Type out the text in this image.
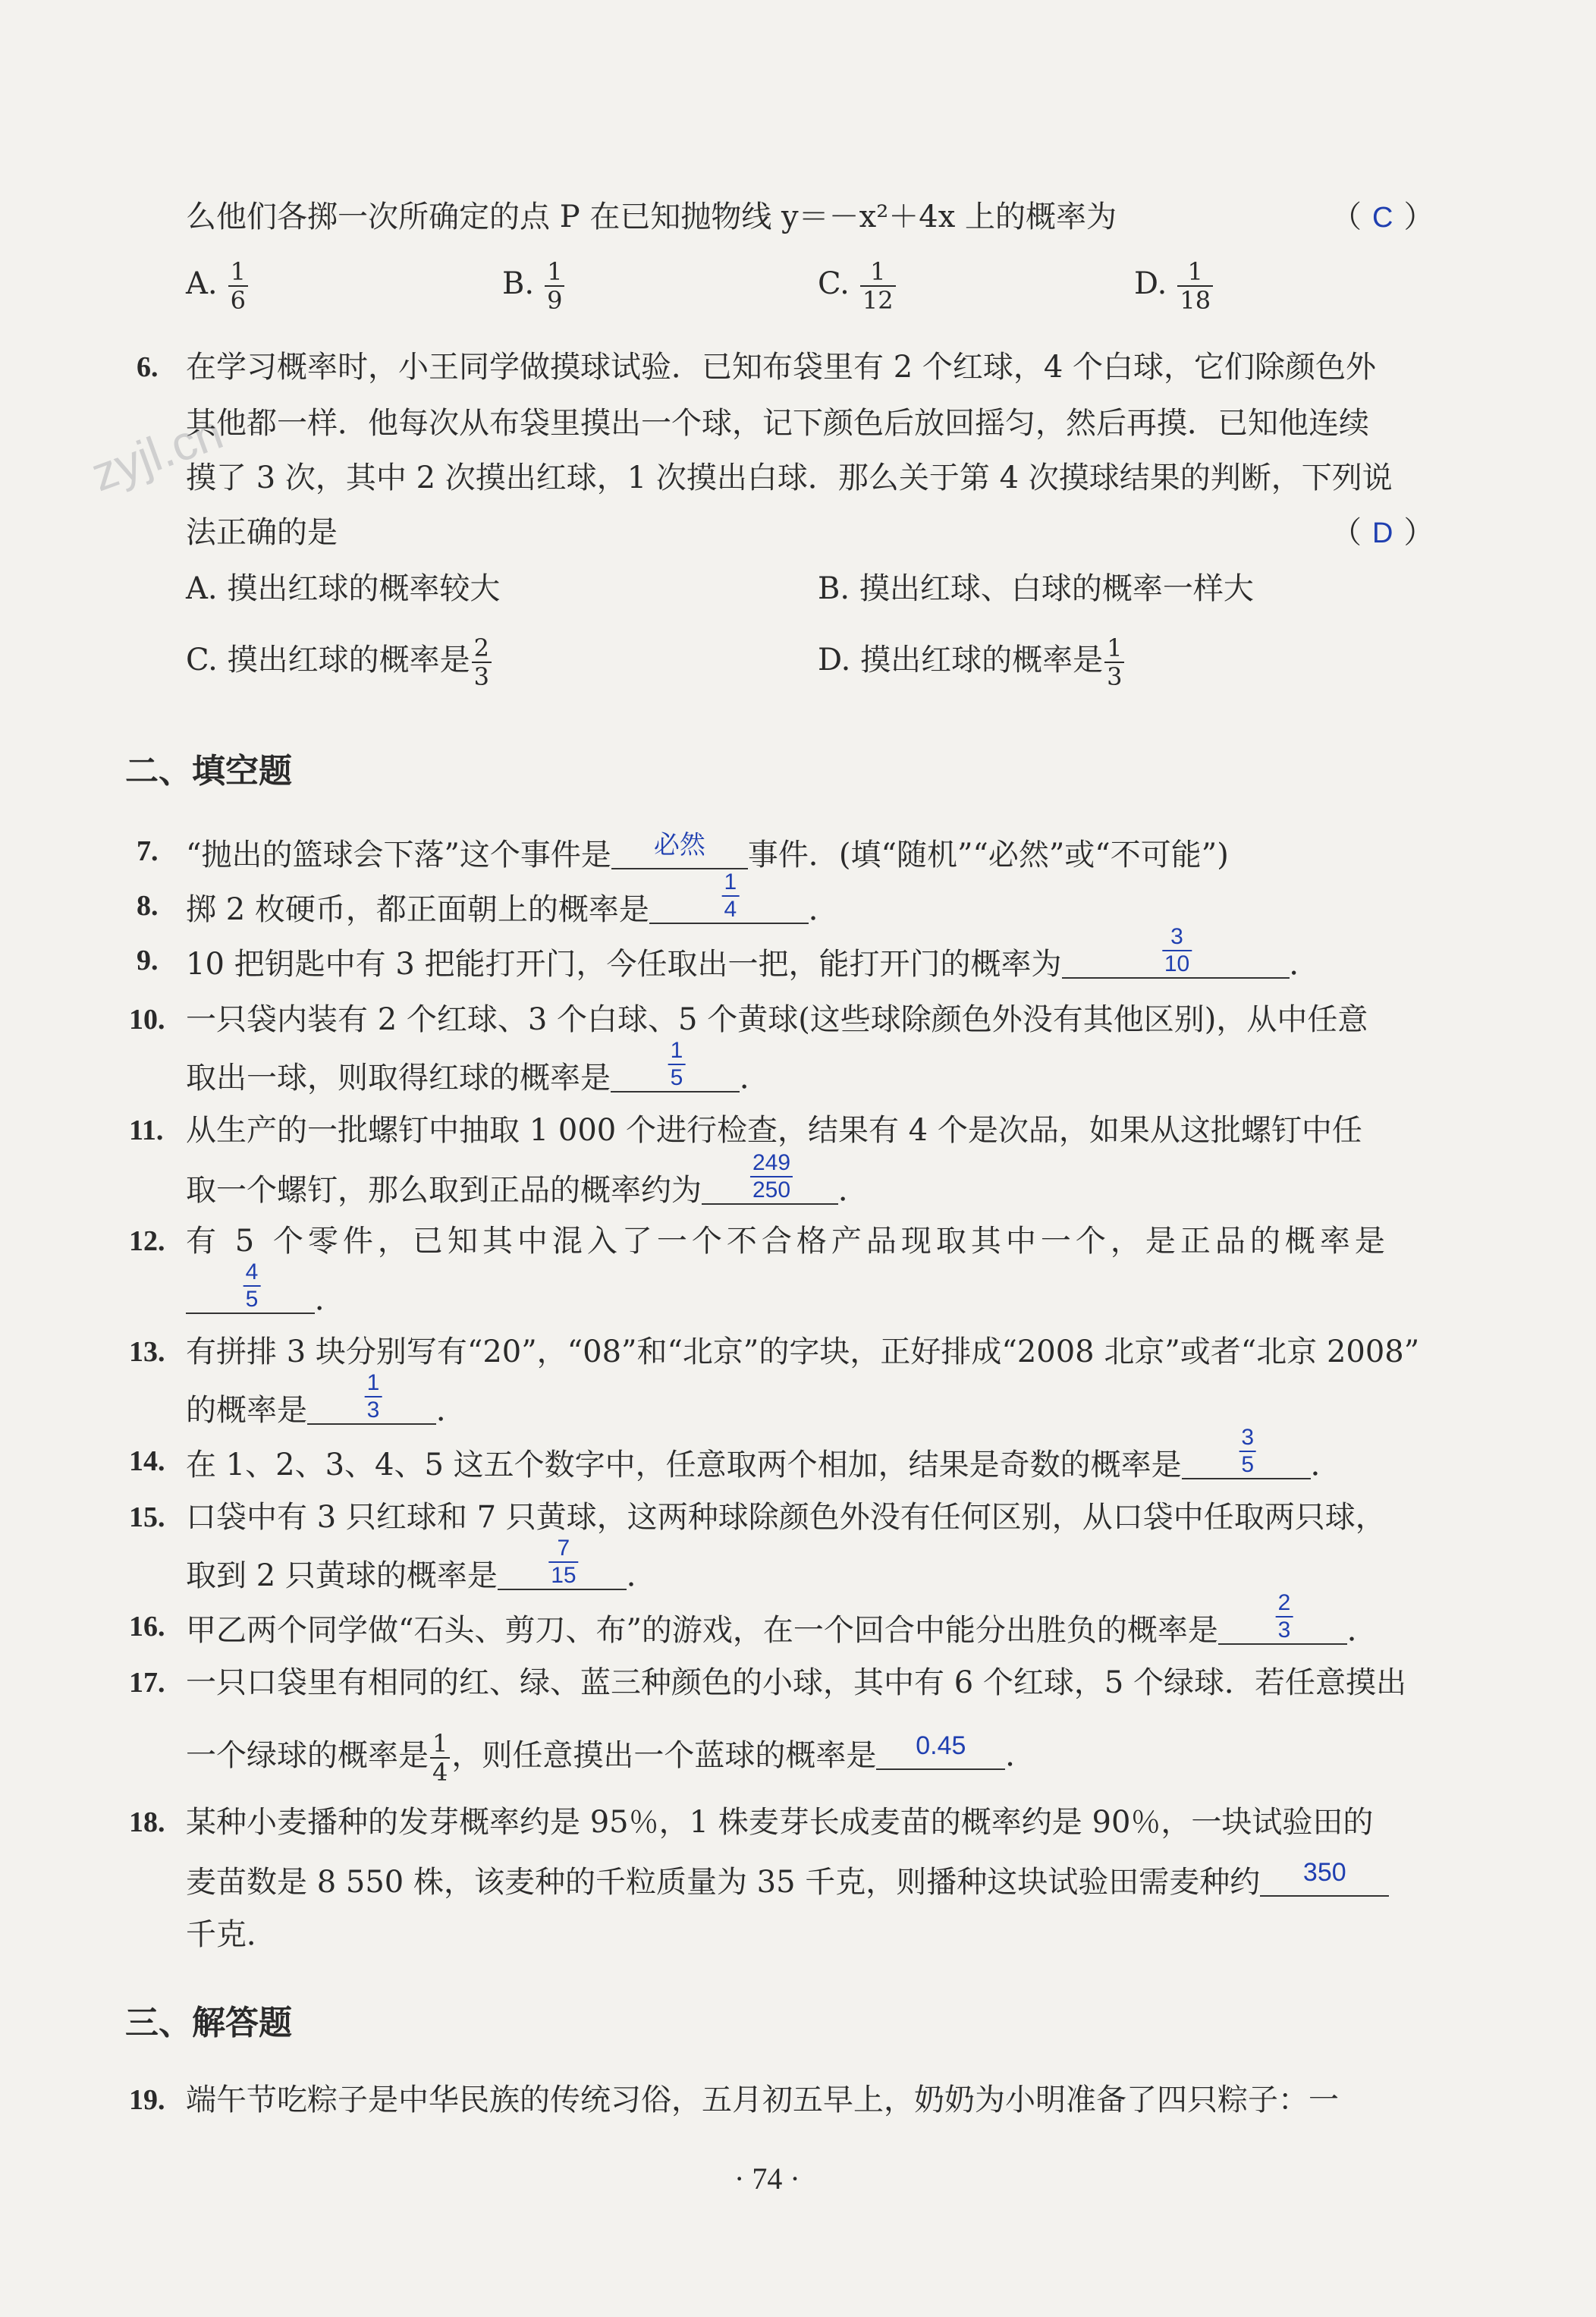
zyjl.cn
么他们各掷一次所确定的点 P 在已知抛物线 y＝－x²＋4x 上的概率为	（ C ）
A. $\frac{1}{6}$	B. $\frac{1}{9}$	C. $\frac{1}{12}$	D. $\frac{1}{18}$
6. 在学习概率时，小王同学做摸球试验．已知布袋里有 2 个红球，4 个白球，它们除颜色外
其他都一样．他每次从布袋里摸出一个球，记下颜色后放回摇匀，然后再摸．已知他连续
摸了 3 次，其中 2 次摸出红球，1 次摸出白球．那么关于第 4 次摸球结果的判断，下列说
法正确的是	（ D ）
A. 摸出红球的概率较大	B. 摸出红球、白球的概率一样大
C. 摸出红球的概率是 $\frac{2}{3}$	D. 摸出红球的概率是 $\frac{1}{3}$
二、填空题
7. “抛出的篮球会下落”这个事件是	必然	事件．(填“随机”“必然”或“不可能”)
8. 掷 2 枚硬币，都正面朝上的概率是	$\frac{1}{4}$ ．
9. 10 把钥匙中有 3 把能打开门，今任取出一把，能打开门的概率为	$\frac{3}{10}$	．
10. 一只袋内装有 2 个红球、3 个白球、5 个黄球(这些球除颜色外没有其他区别)，从中任意
取出一球，则取得红球的概率是	$\frac{1}{5}$ ．
11. 从生产的一批螺钉中抽取 1 000 个进行检查，结果有 4 个是次品，如果从这批螺钉中任
取一个螺钉，那么取到正品的概率约为 $\frac{249}{250}$ ．
12. 有 5 个零件，已知其中混入了一个不合格产品现取其中一个，是正品的概率是
$\frac{4}{5}$ ．
13. 有拼排 3 块分别写有“20”，“08”和“北京”的字块，正好排成“2008 北京”或者“北京 2008”
的概率是	$\frac{1}{3}$ ．
14. 在 1、2、3、4、5 这五个数字中，任意取两个相加，结果是奇数的概率是	$\frac{3}{5}$ ．
15. 口袋中有 3 只红球和 7 只黄球，这两种球除颜色外没有任何区别，从口袋中任取两只球，
取到 2 只黄球的概率是 $\frac{7}{15}$ ．
16. 甲乙两个同学做“石头、剪刀、布”的游戏，在一个回合中能分出胜负的概率是	$\frac{2}{3}$ ．
17. 一只口袋里有相同的红、绿、蓝三种颜色的小球，其中有 6 个红球，5 个绿球．若任意摸出
一个绿球的概率是 $\frac{1}{4}$ ，则任意摸出一个蓝球的概率是	0.45	．
18. 某种小麦播种的发芽概率约是 95％，1 株麦芽长成麦苗的概率约是 90％，一块试验田的
麦苗数是 8 550 株，该麦种的千粒质量为 35 千克，则播种这块试验田需麦种约	350
千克．
三、解答题
19. 端午节吃粽子是中华民族的传统习俗，五月初五早上，奶奶为小明准备了四只粽子：一
· 74 ·
